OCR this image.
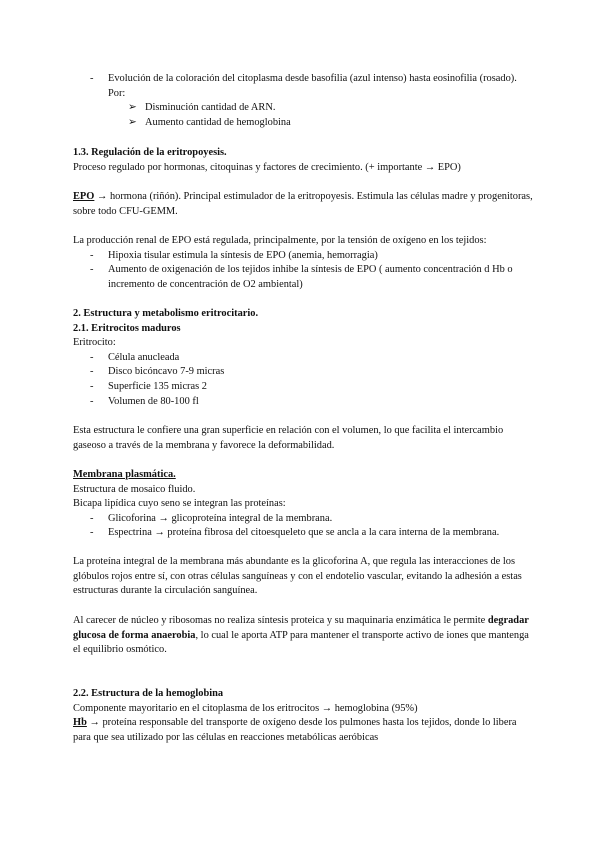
- Evolución de la coloración del citoplasma desde basofilia (azul intenso) hasta eosinofilia (rosado). Por:
➢ Disminución cantidad de ARN.
➢ Aumento cantidad de hemoglobina

1.3. Regulación de la eritropoyesis.

Proceso regulado por hormonas, citoquinas y factores de crecimiento. (+ importante → EPO)

EPO → hormona (riñón). Principal estimulador de la eritropoyesis. Estimula las células madre y progenitoras, sobre todo CFU-GEMM.

La producción renal de EPO está regulada, principalmente, por la tensión de oxígeno en los tejidos:

- Hipoxia tisular estimula la síntesis de EPO (anemia, hemorragia)
- Aumento de oxigenación de los tejidos inhibe la síntesis de EPO ( aumento concentración d Hb o incremento de concentración de O2 ambiental)

2. Estructura y metabolismo eritrocitario.

2.1. Eritrocitos maduros

Eritrocito:

- Célula anucleada
- Disco bicóncavo 7-9 micras
- Superficie 135 micras 2
- Volumen de 80-100 fl

Esta estructura le confiere una gran superficie en relación con el volumen, lo que facilita el intercambio gaseoso a través de la membrana y favorece la deformabilidad.

Membrana plasmática.

Estructura de mosaico fluido.

Bicapa lipídica cuyo seno se integran las proteínas:

- Glicoforina → glicoproteína integral de la membrana.
- Espectrina → proteína fibrosa del citoesqueleto que se ancla a la cara interna de la membrana.

La proteína integral de la membrana más abundante es la glicoforina A, que regula las interacciones de los glóbulos rojos entre sí, con otras células sanguíneas y con el endotelio vascular, evitando la adhesión a estas estructuras durante la circulación sanguínea.

Al carecer de núcleo y ribosomas no realiza síntesis proteica y su maquinaria enzimática le permite degradar glucosa de forma anaerobia, lo cual le aporta ATP para mantener el transporte activo de iones que mantenga el equilibrio osmótico.

2.2. Estructura de la hemoglobina

Componente mayoritario en el citoplasma de los eritrocitos → hemoglobina (95%)

Hb → proteína responsable del transporte de oxígeno desde los pulmones hasta los tejidos, donde lo libera para que sea utilizado por las células en reacciones metabólicas aeróbicas
